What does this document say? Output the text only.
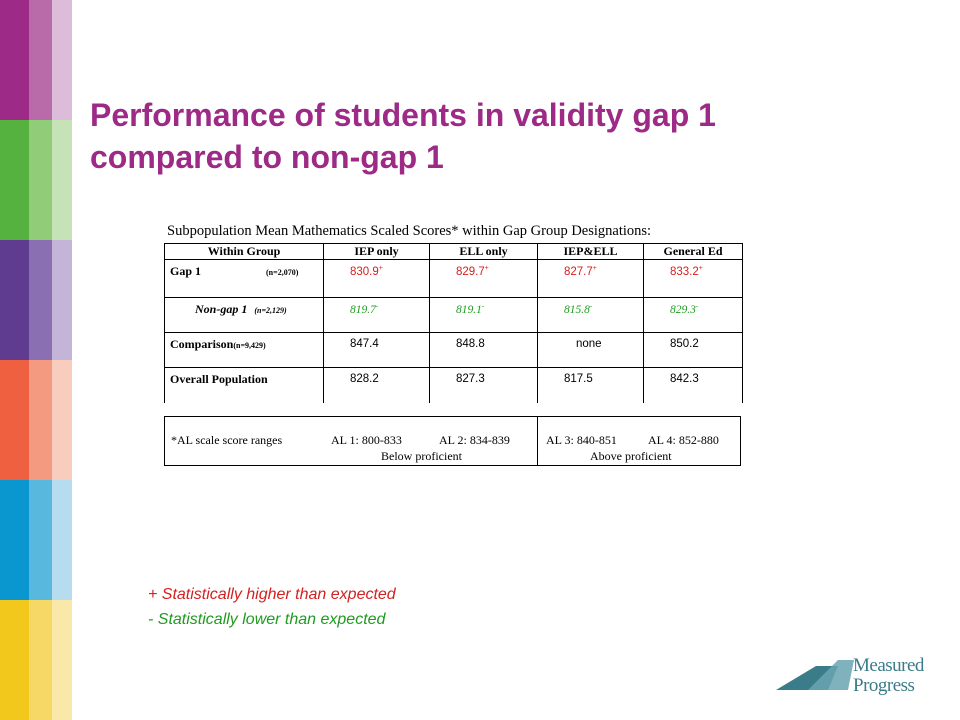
Performance of students in validity gap 1
compared to non-gap 1
Subpopulation Mean Mathematics Scaled Scores* within Gap Group Designations:
Within Group	IEP only	ELL only	IEP&ELL	General Ed
Gap 1 (n=2,070)	830.9+	829.7+	827.7+	833.2+
Non-gap 1 (n=2,129)	819.7-	819.1-	815.8-	829.3-
Comparison(n=9,429)	847.4	848.8	none	850.2
Overall Population	828.2	827.3	817.5	842.3
*AL scale score ranges	AL 1: 800-833	AL 2: 834-839	AL 3: 840-851	AL 4: 852-880
Below proficient	Above proficient
+ Statistically higher than expected
- Statistically lower than expected
Measured
Progress
